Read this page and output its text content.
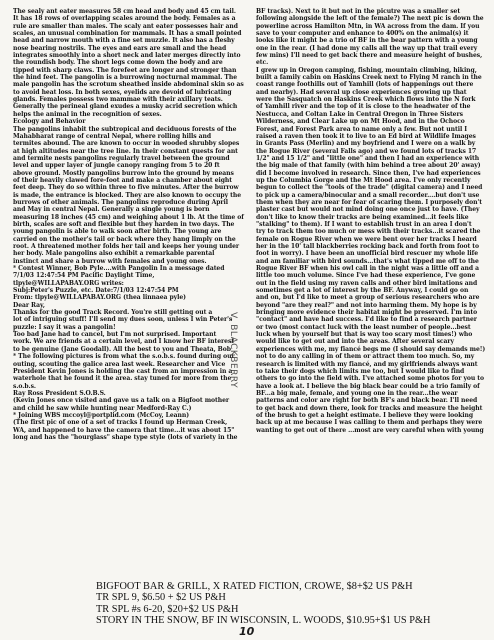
The sealy ant eater measures 58 cm head and body and 45 cm tail.
It has 18 rows of overlapping scales around the body. Females as a
rule are smaller than males. The scaly ant eater possesses hair and
scales, an unusual combination for mammals. It has a small pointed
head and narrow mouth with a fine set muzzle. It also has a fleshy
nose bearing nostrils. The eyes and ears are small and the head
integrates smoothly into a short neck and later merges directly into
the roundish body. The short legs come down the body and are
tipped with sharp claws. The forefeet are longer and stronger than
the hind feet. The pangolin is a burrowing nocturnal mammal. The
male pangolin has the scrotum sheathed inside abdominal skin so as
to avoid heat loss. In both sexes, eyelids are devoid of lubricating
glands. Females possess two mammae with their axillary teats.
Generally the perineal gland exudes a musky acrid secretion which
helps the animal in the recognition of sexes.
Ecology and Behavior
The pangolins inhabit the subtropical and deciduous forests of the
Mahabharat range of central Nepal, where rolling hills and
termites abound. The are known to occur in wooded shrubby slopes
at high altitudes near the tree line. In their constant quests for ant
and termite nests pangolins regularly travel between the ground
level and upper layer of jungle canopy ranging from 5 to 20 ft
above ground. Mostly pangolins burrow into the ground by means
of their heavily clawed fore-foot and make a chamber about eight
feet deep. They do so within three to five minutes. After the burrow
is made, the entrance is blocked. They are also known to occupy the
burrows of other animals. The pangolins reproduce during April
and May in central Nepal. Generally a single young is born
measuring 18 inches (45 cm) and weighing about 1 lb. At the time of
birth, scales are soft and flexible but they harden in two days. The
young pangolin is able to walk soon after birth. The young are
carried on the mother's tail or back where they hang limply on the
root. A threatened mother folds her tail and keeps her young under
her body. Male pangolins also exhibit a remarkable parental
instinct and share a burrow with females and young ones.
* Contest Winner, Bob Pyle....with Pangolin In a message dated
7/1/03 12:47:54 PM Pacific Daylight Time,
tlpyle@WILLAPABAY.ORG writes:
Subj:Peter's Puzzle, etc. Date:7/1/03 12:47:54 PM
From: tlpyle@WILLAPABAY.ORG (thea linnaea pyle)
Dear Ray,
Thanks for the good Track Record. You're still getting out a
lot of intriguing stuff! I'll send my dues soon, unless I win Peter's
puzzle: I say it was a pangolin!
Too bad Jane had to cancel, but I'm not surprised. Important
work. We are friends at a certain level, and I know her BF interest
to be genuine (Jane Goodall). All the best to you and Theata, Bob
* The following pictures is from what the s.o.b.s. found during our
outing, scouting the galice area last week. Researcher and Vice
President Kevin Jones is holding the cast from an impression in a
waterhole that he found it the area. stay tuned for more from the
s.o.b.s.
Ray Ross President S.O.B.S.
(Kevin Jones once visited and gave us a talk on a Bigfoot mother
and child he saw while hunting near Medford-Ray C.)
* Joining WBS mccoyl@portplid.com (McCoy, Leann)
(The first pic of one of a set of tracks I found up Herman Creek,
WA, and happened to have the camera that time...it was about 15"
long and has the "hourglass" shape type style (lots of variety in the
BF tracks). Next to it but not in the picutre was a smaller set
following alongside the left of the female?) The next pic is down the
powerline across Hamilton Mtn, in WA across from the dam. If you
save to your computer and enhance to 400% on the animal(s) it
looks like it might be a trio of BF in the bear pattern with a young
one in the rear. (I had done my calls all the way up that trail every
few mins) I'll need to get back there and measure height of bushes,
etc.
I grew up in Oregon camping, fishing, mountain climbing, hiking,
built a family cabin on Haskins Creek next to Flying M ranch in the
coast range foothills out of Yamhill (lots of happenings out there
and nearby). Had several up close experiences growing up that
were the Sasquatch on Haskins Creek which flows into the N fork
of Yamhill river and the top of it is close to the headwater of the
Nestucca, and Coltan Lake in Central Oregon in Three Sisters
Wilderness, and Clear Lake up on Mt Hood, and in the Ochoco
Forest, and Forest Park area to name only a few. But not until I
raised a raven then took it to live to an Ed bird at Wildlife Images
in Grants Pass (Merlin) and my boyfriend and I were on a walk by
the Rogue River (several Falls ago) and we found lots of tracks 17
1/2" and 15 1/2" and "little one" and then I had an experience with
the big male of that family (with him behind a tree about 20' away)
did I become involved in research. Since then, I've had experiences
up the Columbia Gorge and the Mt Hood area. I've only recently
begun to collect the "tools of the trade" (digital camera) and I need
to pick up a camera/binocular and a small recorder....but don't use
them when they are near for fear of scaring them. I purposely don't
plaster cast but would not mind doing one once just to have. (They
don't like to know their tracks are being examined...it feels like
"stalking" to them). If I want to establish trust in an area I don't
try to track them too much or mess with their tracks...it scared the
female on Rogue River when we were bent over her tracks I heard
her in the 10' tall blackberries rocking back and forth from foot to
foot in worry). I have been an unofficial bird rescuer my whole life
and am familiar with bird sounds...that's what tipped me off to the
Rogue River BF when his owl call in the night was a little off and a
little too much volume. Since I've had these experience, I've gone
out in the field using my raven calls and other bird imitations and
sometimes get a lot of interest by the BF. Anyway, I could go on
and on, but I'd like to meet a group of serious researchers who are
beyond "are they real?" and not into harming them. My hope is by
bringing more evidence their habitat might be preserved. I'm into
"contact" and have had success. I'd like to find a research partner
or two (most contact luck with the least number of people...best
luck when by yourself but that is way too scary most times!) who
would like to get out and into the areas. After several scary
experiences with me, my fiancé begs me (I should say demands me!)
not to do any calling in of them or attract them too much. So, my
research is limited with my fiancé, and my girlfriends always want
to take their dogs which limits me too, but I would like to find
others to go into the field with. I've attached some photos for you to
have a look at. I believe the big black bear could be a trio family of
BF...a big male, female, and young one in the rear...the wear
patterns and color are right for both BF's and black bear. I'll need
to get back and down there, look for tracks and measure the height
of the brush to get a height estimate. I believe they were looking
back up at me because I was calling to them and perhaps they were
wanting to get out of there ...most are very careful when with young
V. BLACKBERRY
BIGFOOT BAR & GRILL, X RATED FICTION, CROWE, $8+$2 US P&H
TR SPL 9, $6.50 + $2 US P&H
TR SPL #s 6-20, $20+$2 US P&H
STORY IN THE SNOW, BF IN WISCONSIN, L. WOODS, $10.95+$1 US P&H
10
